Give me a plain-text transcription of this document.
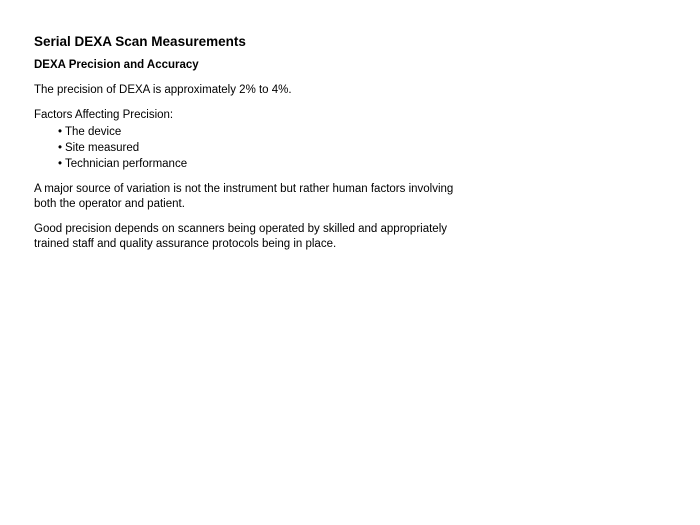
Serial DEXA Scan Measurements
DEXA Precision and Accuracy

The precision of DEXA is approximately 2% to 4%.

Factors Affecting Precision:

• The device
• Site measured
• Technician performance

A major source of variation is not the instrument but rather human factors involving both the operator and patient.

Good precision depends on scanners being operated by skilled and appropriately trained staff and quality assurance protocols being in place.
